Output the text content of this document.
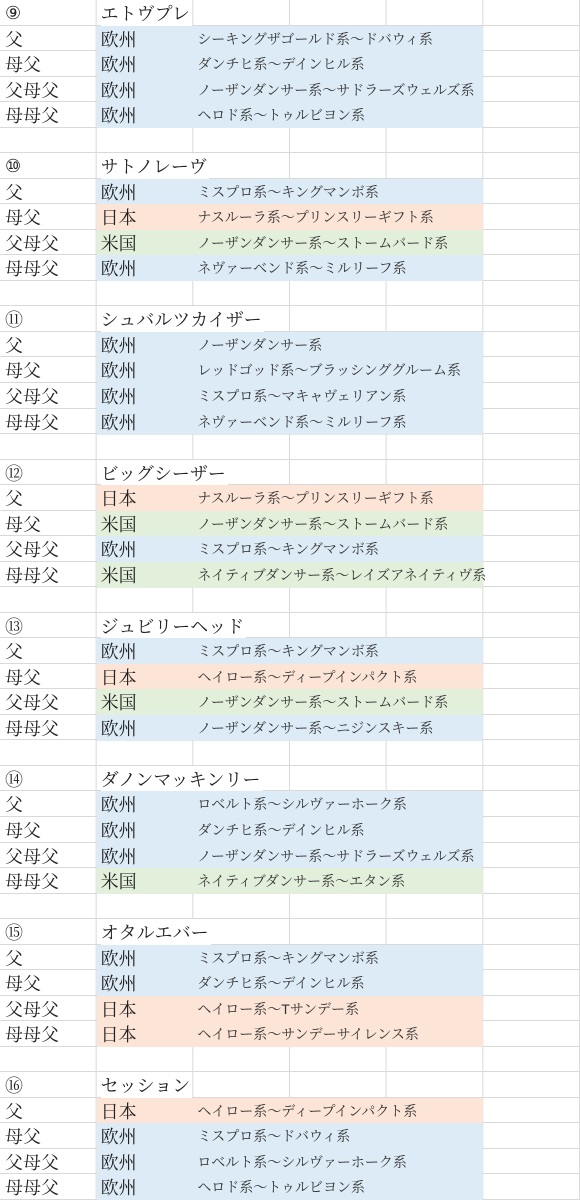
⑨	エトヴプレ
父	欧州	シーキングザゴールド系～ドバウィ系
母父	欧州	ダンチヒ系～デインヒル系
父母父 欧州	ノーザンダンサー系～サドラーズウェルズ系
母母父 欧州	ヘロド系～トゥルビヨン系
⑩	サトノレーヴ
父	欧州	ミスプロ系～キングマンボ系
母父	日本	ナスルーラ系～プリンスリーギフト系
父母父 米国	ノーザンダンサー系～ストームバード系
母母父 欧州	ネヴァーベンド系～ミルリーフ系
⑪	シュバルツカイザー
父	欧州	ノーザンダンサー系
母父	欧州	レッドゴッド系～ブラッシンググルーム系
父母父 欧州	ミスプロ系～マキャヴェリアン系
母母父 欧州	ネヴァーベンド系～ミルリーフ系
⑫	ビッグシーザー
父	日本	ナスルーラ系～プリンスリーギフト系
母父	米国	ノーザンダンサー系～ストームバード系
父母父 欧州	ミスプロ系～キングマンボ系
母母父 米国	ネイティブダンサー系～レイズアネイティヴ系
⑬	ジュビリーヘッド
父	欧州	ミスプロ系～キングマンボ系
母父	日本	ヘイロー系～ディープインパクト系
父母父 米国	ノーザンダンサー系～ストームバード系
母母父 欧州	ノーザンダンサー系～ニジンスキー系
⑭	ダノンマッキンリー
父	欧州	ロベルト系～シルヴァーホーク系
母父	欧州	ダンチヒ系～デインヒル系
父母父 欧州	ノーザンダンサー系～サドラーズウェルズ系
母母父 米国	ネイティブダンサー系～エタン系
⑮	オタルエバー
父	欧州	ミスプロ系～キングマンボ系
母父	欧州	ダンチヒ系～デインヒル系
父母父 日本	ヘイロー系～Tサンデー系
母母父 日本	ヘイロー系～サンデーサイレンス系
⑯	セッション
父	日本	ヘイロー系～ディープインパクト系
母父	欧州	ミスプロ系～ドバウィ系
父母父 欧州	ロベルト系～シルヴァーホーク系
母母父 欧州	ヘロド系～トゥルビヨン系
